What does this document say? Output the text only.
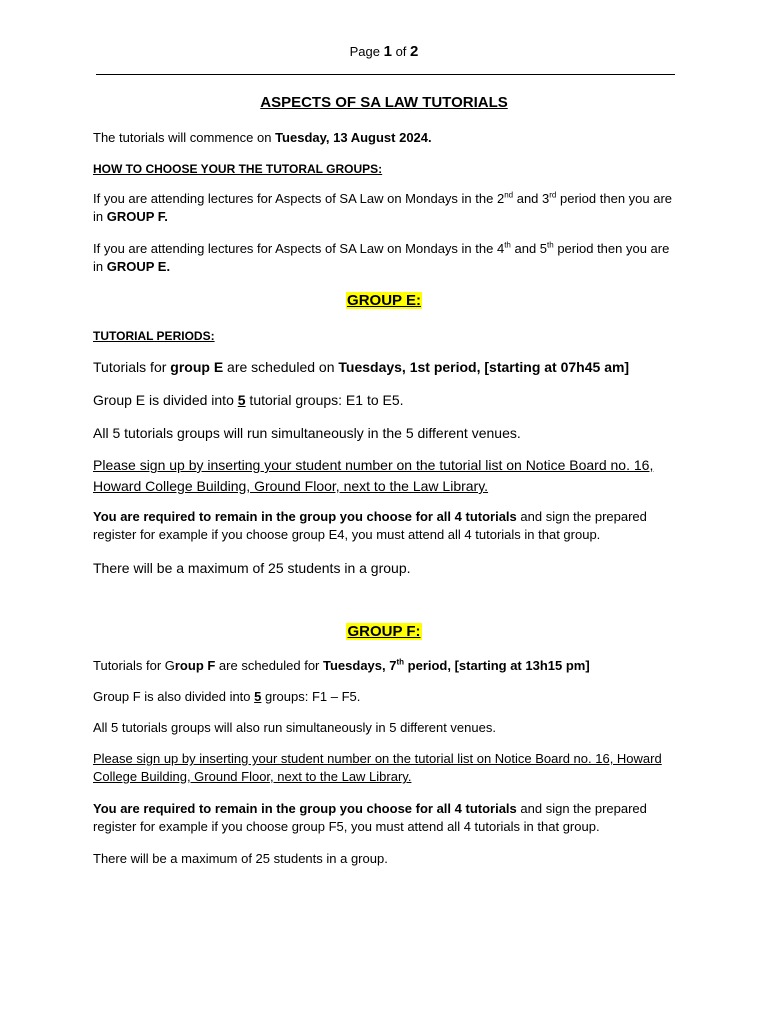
Page 1 of 2
ASPECTS OF SA LAW TUTORIALS
The tutorials will commence on Tuesday, 13 August 2024.
HOW TO CHOOSE YOUR THE TUTORAL GROUPS:
If you are attending lectures for Aspects of SA Law on Mondays in the 2nd and 3rd period then you are in GROUP F.
If you are attending lectures for Aspects of SA Law on Mondays in the 4th and 5th period then you are in GROUP E.
GROUP E:
TUTORIAL PERIODS:
Tutorials for group E are scheduled on Tuesdays, 1st period, [starting at 07h45 am]
Group E is divided into 5 tutorial groups: E1 to E5.
All 5 tutorials groups will run simultaneously in the 5 different venues.
Please sign up by inserting your student number on the tutorial list on Notice Board no. 16, Howard College Building, Ground Floor, next to the Law Library.
You are required to remain in the group you choose for all 4 tutorials and sign the prepared register for example if you choose group E4, you must attend all 4 tutorials in that group.
There will be a maximum of 25 students in a group.
GROUP F:
Tutorials for Group F are scheduled for Tuesdays, 7th period, [starting at 13h15 pm]
Group F is also divided into 5 groups: F1 – F5.
All 5 tutorials groups will also run simultaneously in 5 different venues.
Please sign up by inserting your student number on the tutorial list on Notice Board no. 16, Howard College Building, Ground Floor, next to the Law Library.
You are required to remain in the group you choose for all 4 tutorials and sign the prepared register for example if you choose group F5, you must attend all 4 tutorials in that group.
There will be a maximum of 25 students in a group.
